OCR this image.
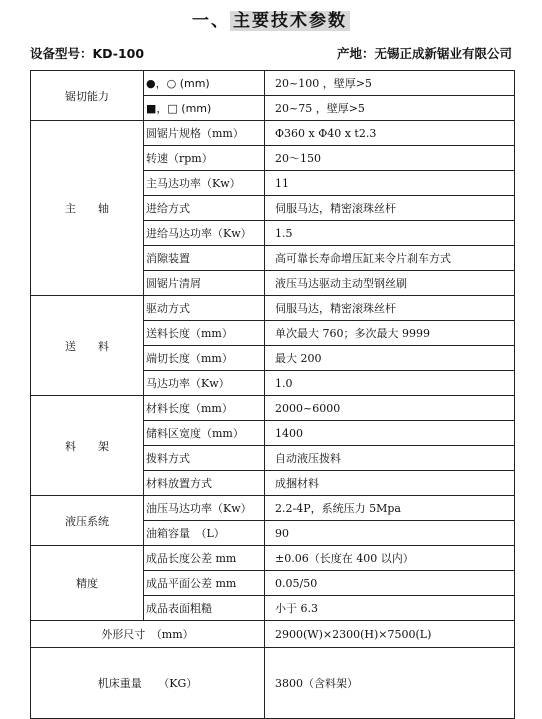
一、 主要技术参数
设备型号：KD-100	产地：无锡正成新锯业有限公司
锯切能力	●，○ (mm)	20~100 ，壁厚>5
	■，□ (mm)	20~75 ，壁厚>5
主　　轴	圆锯片规格（mm）	Φ360 x Φ40 x t2.3
	转速（rpm）	20～150
	主马达功率（Kw）	11
	进给方式	伺服马达，精密滚珠丝杆
	进给马达功率（Kw）	1.5
	消隙装置	高可靠长寿命增压缸来令片刹车方式
	圆锯片清屑	液压马达驱动主动型钢丝刷
送　　料	驱动方式	伺服马达，精密滚珠丝杆
	送料长度（mm）	单次最大 760；多次最大 9999
	端切长度（mm）	最大 200
	马达功率（Kw）	1.0
料　　架	材料长度（mm）	2000~6000
	储料区宽度（mm）	1400
	拨料方式	自动液压拨料
	材料放置方式	成捆材料
液压系统	油压马达功率（Kw）	2.2-4P，系统压力 5Mpa
	油箱容量　（L）	90
精度	成品长度公差 mm	±0.06（长度在 400 以内）
	成品平面公差 mm	0.05/50
	成品表面粗糙	小于 6.3
外形尺寸　（mm）		2900(W)×2300(H)×7500(L)
机床重量　　（KG）		3800（含料架）
